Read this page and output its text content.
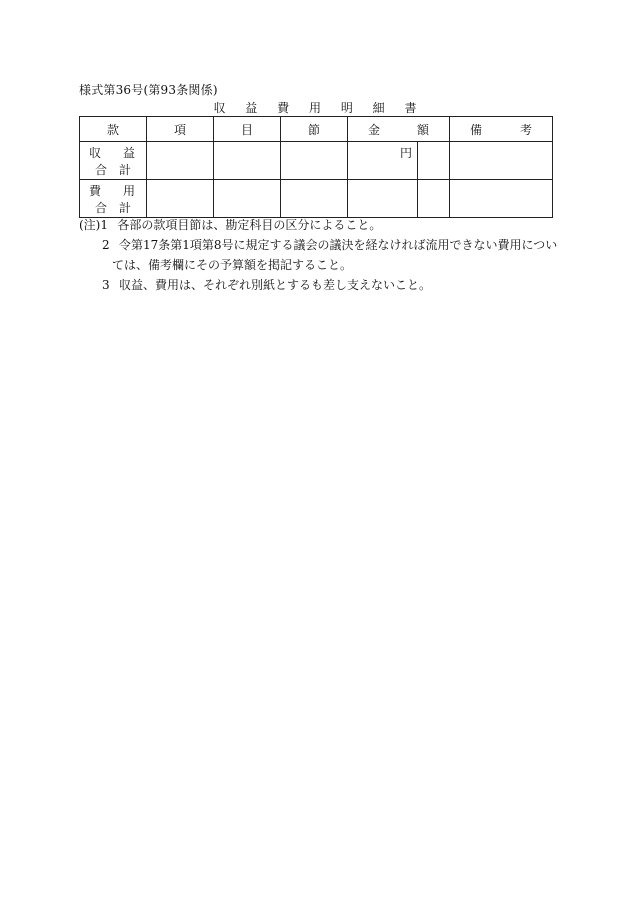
様式第36号(第93条関係)
収 益 費 用 明 細 書
款	項	目	節	金 額		備 考

収 益
合 計				円		

費 用
合 計						

(注)1 各部の款項目節は、勘定科目の区分によること。
2 令第17条第1項第8号に規定する議会の議決を経なければ流用できない費用につい
ては、備考欄にその予算額を掲記すること。
3 収益、費用は、それぞれ別紙とするも差し支えないこと。
